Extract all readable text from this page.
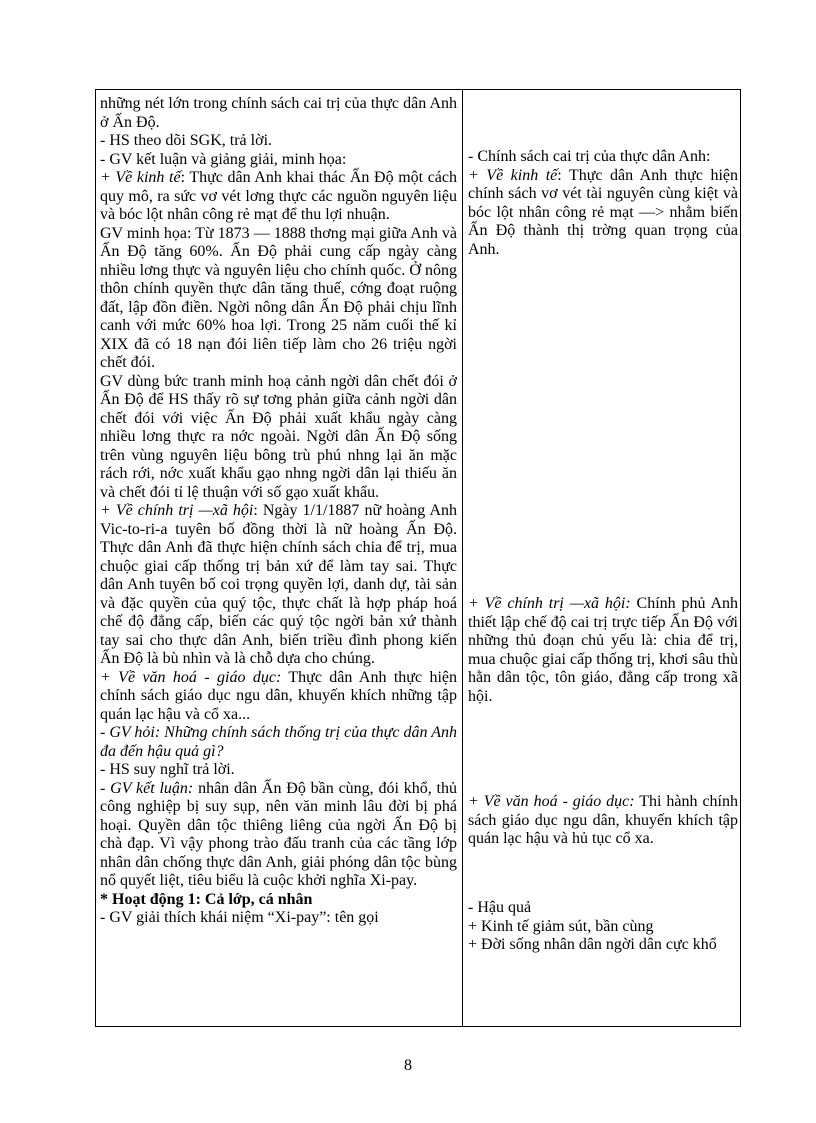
những nét lớn trong chính sách cai trị của thực dân Anh ở Ấn Độ.

- HS theo dõi SGK, trả lời.

- GV kết luận và giảng giải, minh họa:

+ Về kinh tế: Thực dân Anh khai thác Ấn Độ một cách quy mô, ra sức vơ vét lơng thực các nguồn nguyên liệu và bóc lột nhân công rẻ mạt để thu lợi nhuận.

GV minh họa: Từ 1873 — 1888 thơng mại giữa Anh và Ấn Độ tăng 60%. Ấn Độ phải cung cấp ngày càng nhiều lơng thực và nguyên liệu cho chính quốc. Ở nông thôn chính quyền thực dân tăng thuế, cớng đoạt ruộng đất, lập đồn điền. Ngời nông dân Ấn Độ phải chịu lĩnh canh với mức 60% hoa lợi. Trong 25 năm cuối thế kỉ XIX đã có 18 nạn đói liên tiếp làm cho 26 triệu ngời chết đói.

GV dùng bức tranh minh hoạ cảnh ngời dân chết đói ở Ấn Độ để HS thấy rõ sự tơng phản giữa cảnh ngời dân chết đói với việc Ấn Độ phải xuất khẩu ngày càng nhiều lơng thực ra nớc ngoài. Ngời dân Ấn Độ sống trên vùng nguyên liệu bông trù phú nhng lại ăn mặc rách rới, nớc xuất khẩu gạo nhng ngời dân lại thiếu ăn và chết đói tỉ lệ thuận với số gạo xuất khẩu.

+ Về chính trị —xã hội: Ngày 1/1/1887 nữ hoàng Anh Vic-to-ri-a tuyên bố đồng thời là nữ hoàng Ấn Độ. Thực dân Anh đã thực hiện chính sách chia để trị, mua chuộc giai cấp thống trị bản xứ để làm tay sai. Thực dân Anh tuyên bố coi trọng quyền lợi, danh dự, tài sản và đặc quyền của quý tộc, thực chất là hợp pháp hoá chế độ đẳng cấp, biến các quý tộc ngời bản xứ thành tay sai cho thực dân Anh, biến triều đình phong kiến Ấn Độ là bù nhìn và là chỗ dựa cho chúng.

+ Về văn hoá - giáo dục: Thực dân Anh thực hiện chính sách giáo dục ngu dân, khuyến khích những tập quán lạc hậu và cổ xa...

- GV hỏi: Những chính sách thống trị của thực dân Anh đa đến hậu quả gì?

- HS suy nghĩ trả lời.

- GV kết luận: nhân dân Ấn Độ bần cùng, đói khổ, thủ công nghiệp bị suy sụp, nên văn minh lâu đời bị phá hoại. Quyền dân tộc thiêng liêng của ngời Ấn Độ bị chà đạp. Vì vậy phong trào đấu tranh của các tầng lớp nhân dân chống thực dân Anh, giải phóng dân tộc bùng nổ quyết liệt, tiêu biểu là cuộc khởi nghĩa Xi-pay.

* Hoạt động 1: Cả lớp, cá nhân

- GV giải thích khái niệm “Xi-pay”: tên gọi

- Chính sách cai trị của thực dân Anh:

+ Về kinh tế: Thực dân Anh thực hiện chính sách vơ vét tài nguyên cùng kiệt và bóc lột nhân công rẻ mạt —> nhằm biến Ấn Độ thành thị trờng quan trọng của Anh.

+ Về chính trị —xã hội: Chính phủ Anh thiết lập chế độ cai trị trực tiếp Ấn Độ với những thủ đoạn chủ yếu là: chia để trị, mua chuộc giai cấp thống trị, khơi sâu thù hằn dân tộc, tôn giáo, đẳng cấp trong xã hội.

+ Về văn hoá - giáo dục: Thi hành chính sách giáo dục ngu dân, khuyến khích tập quán lạc hậu và hủ tục cổ xa.

- Hậu quả

+ Kinh tế giảm sút, bần cùng

+ Đời sống nhân dân ngời dân cực khổ

8
